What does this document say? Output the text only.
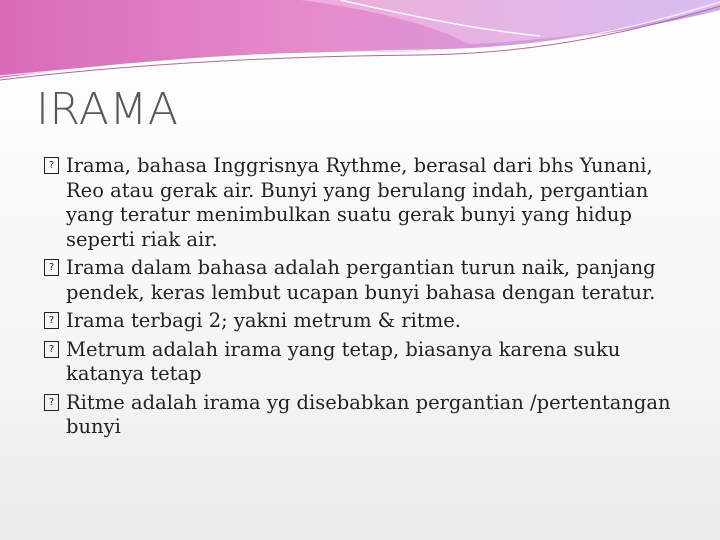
IRAMA
? Irama, bahasa Inggrisnya Rythme, berasal dari bhs Yunani, Reo atau gerak air. Bunyi yang berulang indah, pergantian yang teratur menimbulkan suatu gerak bunyi yang hidup seperti riak air.
? Irama dalam bahasa adalah pergantian turun naik, panjang pendek, keras lembut ucapan bunyi bahasa dengan teratur.
? Irama terbagi 2; yakni metrum & ritme.
? Metrum adalah irama yang tetap, biasanya karena suku katanya tetap
? Ritme adalah irama yg disebabkan pergantian /pertentangan bunyi
